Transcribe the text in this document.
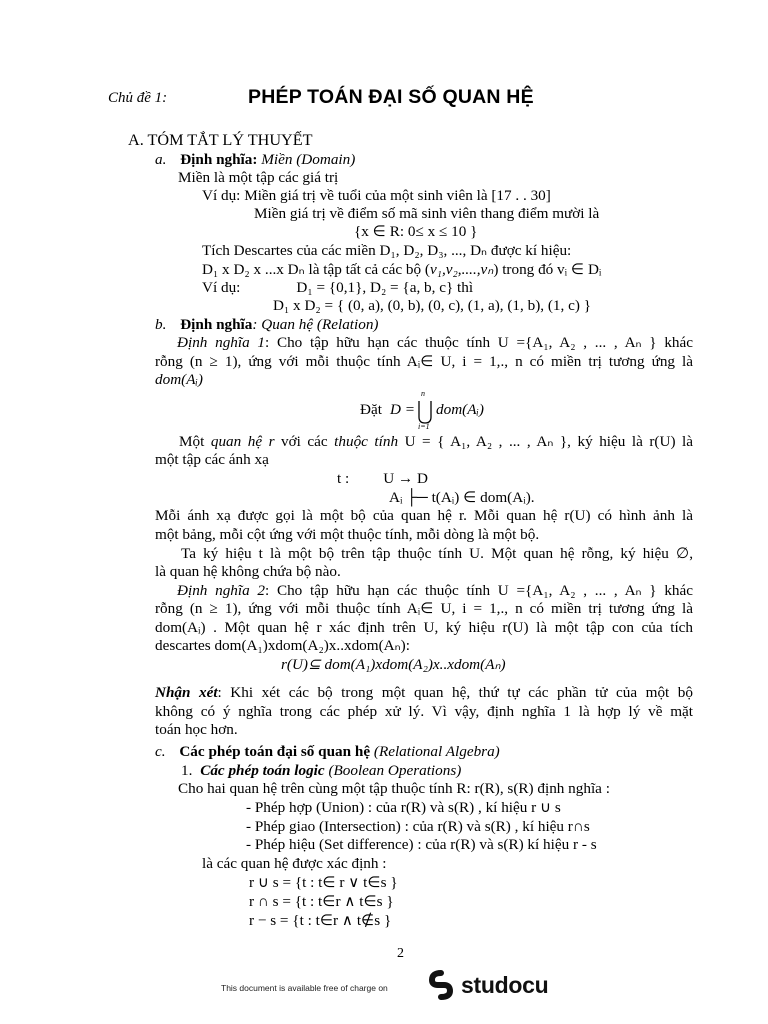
Chủ đề 1:	PHÉP TOÁN ĐẠI SỐ QUAN HỆ
A. TÓM TẮT LÝ THUYẾT
a. Định nghĩa: Miền (Domain)
Miền là một tập các giá trị
Ví dụ: Miền giá trị về tuổi của một sinh viên là [17 . . 30]
Miền giá trị về điểm số mã sinh viên thang điểm mười là
{x ∈ R: 0≤ x ≤ 10 }
Tích Descartes của các miền D₁, D₂, D₃, ..., Dₙ được kí hiệu:
D₁ x D₂ x ...x Dₙ là tập tất cả các bộ (v₁,v₂,....,vₙ) trong đó vᵢ ∈ Dᵢ
Ví dụ:	D₁ = {0,1}, D₂ = {a, b, c} thì
D₁ x D₂ = { (0, a), (0, b), (0, c), (1, a), (1, b), (1, c) }
b. Định nghĩa: Quan hệ (Relation)
Định nghĩa 1: Cho tập hữu hạn các thuộc tính U ={A₁, A₂ , ... , Aₙ } khác
rỗng (n ≥ 1), ứng với mỗi thuộc tính Aᵢ∈ U, i = 1,., n có miền trị tương ứng là
dom(Aᵢ)
Đặt D =
n
i=1
dom(Aᵢ)
Một quan hệ r với các thuộc tính U = { A₁, A₂ , ... , Aₙ }, ký hiệu là r(U) là
một tập các ánh xạ
t : U → D
Aᵢ ├─ t(Aᵢ) ∈ dom(Aᵢ).
Mỗi ánh xạ được gọi là một bộ của quan hệ r. Mỗi quan hệ r(U) có hình ảnh là
một bảng, mỗi cột ứng với một thuộc tính, mỗi dòng là một bộ.
Ta ký hiệu t là một bộ trên tập thuộc tính U. Một quan hệ rỗng, ký hiệu ∅,
là quan hệ không chứa bộ nào.
Định nghĩa 2: Cho tập hữu hạn các thuộc tính U ={A₁, A₂ , ... , Aₙ } khác
rỗng (n ≥ 1), ứng với mỗi thuộc tính Aᵢ∈ U, i = 1,., n có miền trị tương ứng là
dom(Aᵢ) . Một quan hệ r xác định trên U, ký hiệu r(U) là một tập con của tích
descartes dom(A₁)xdom(A₂)x..xdom(Aₙ):
r(U)⊆ dom(A₁)xdom(A₂)x..xdom(Aₙ)
Nhận xét: Khi xét các bộ trong một quan hệ, thứ tự các phần tử của một bộ
không có ý nghĩa trong các phép xử lý. Vì vậy, định nghĩa 1 là hợp lý về mặt
toán học hơn.
c. Các phép toán đại số quan hệ (Relational Algebra)
1. Các phép toán logic (Boolean Operations)
Cho hai quan hệ trên cùng một tập thuộc tính R: r(R), s(R) định nghĩa :
- Phép hợp (Union) : của r(R) và s(R) , kí hiệu r ∪ s
- Phép giao (Intersection) : của r(R) và s(R) , kí hiệu r∩s
- Phép hiệu (Set difference) : của r(R) và s(R) kí hiệu r - s
là các quan hệ được xác định :
r ∪ s = {t : t∈ r ∨ t∈s }
r ∩ s = {t : t∈r ∧ t∈s }
r − s = {t : t∈r ∧ t∉s }
2
This document is available free of charge on	studocu
